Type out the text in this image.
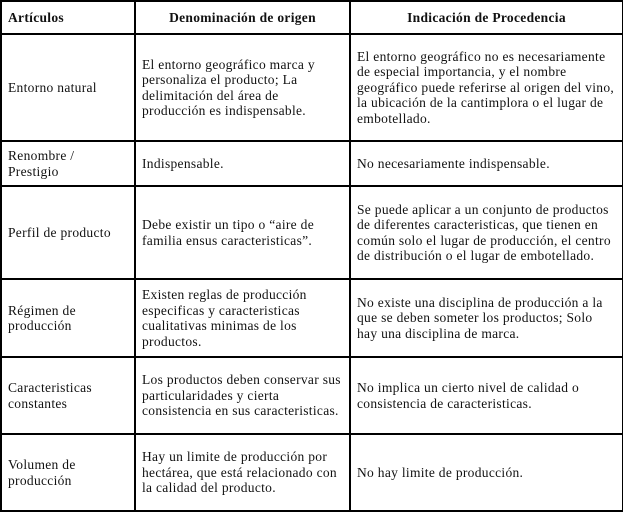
Artículos	Denominación de origen	Indicación de Procedencia
Entorno natural	El entorno geográfico marca y personaliza el producto; La delimitación del área de producción es indispensable.	El entorno geográfico no es necesariamente de especial importancia, y el nombre geográfico puede referirse al origen del vino, la ubicación de la cantimplora o el lugar de embotellado.
Renombre / Prestigio	Indispensable.	No necesariamente indispensable.
Perfil de producto	Debe existir un tipo o “aire de familia ensus caracteristicas”.	Se puede aplicar a un conjunto de productos de diferentes caracteristicas, que tienen en común solo el lugar de producción, el centro de distribución o el lugar de embotellado.
Régimen de producción	Existen reglas de producción especificas y caracteristicas cualitativas minimas de los productos.	No existe una disciplina de producción a la que se deben someter los productos; Solo hay una disciplina de marca.
Caracteristicas constantes	Los productos deben conservar sus particularidades y cierta consistencia en sus caracteristicas.	No implica un cierto nivel de calidad o consistencia de caracteristicas.
Volumen de producción	Hay un limite de producción por hectárea, que está relacionado con la calidad del producto.	No hay limite de producción.
